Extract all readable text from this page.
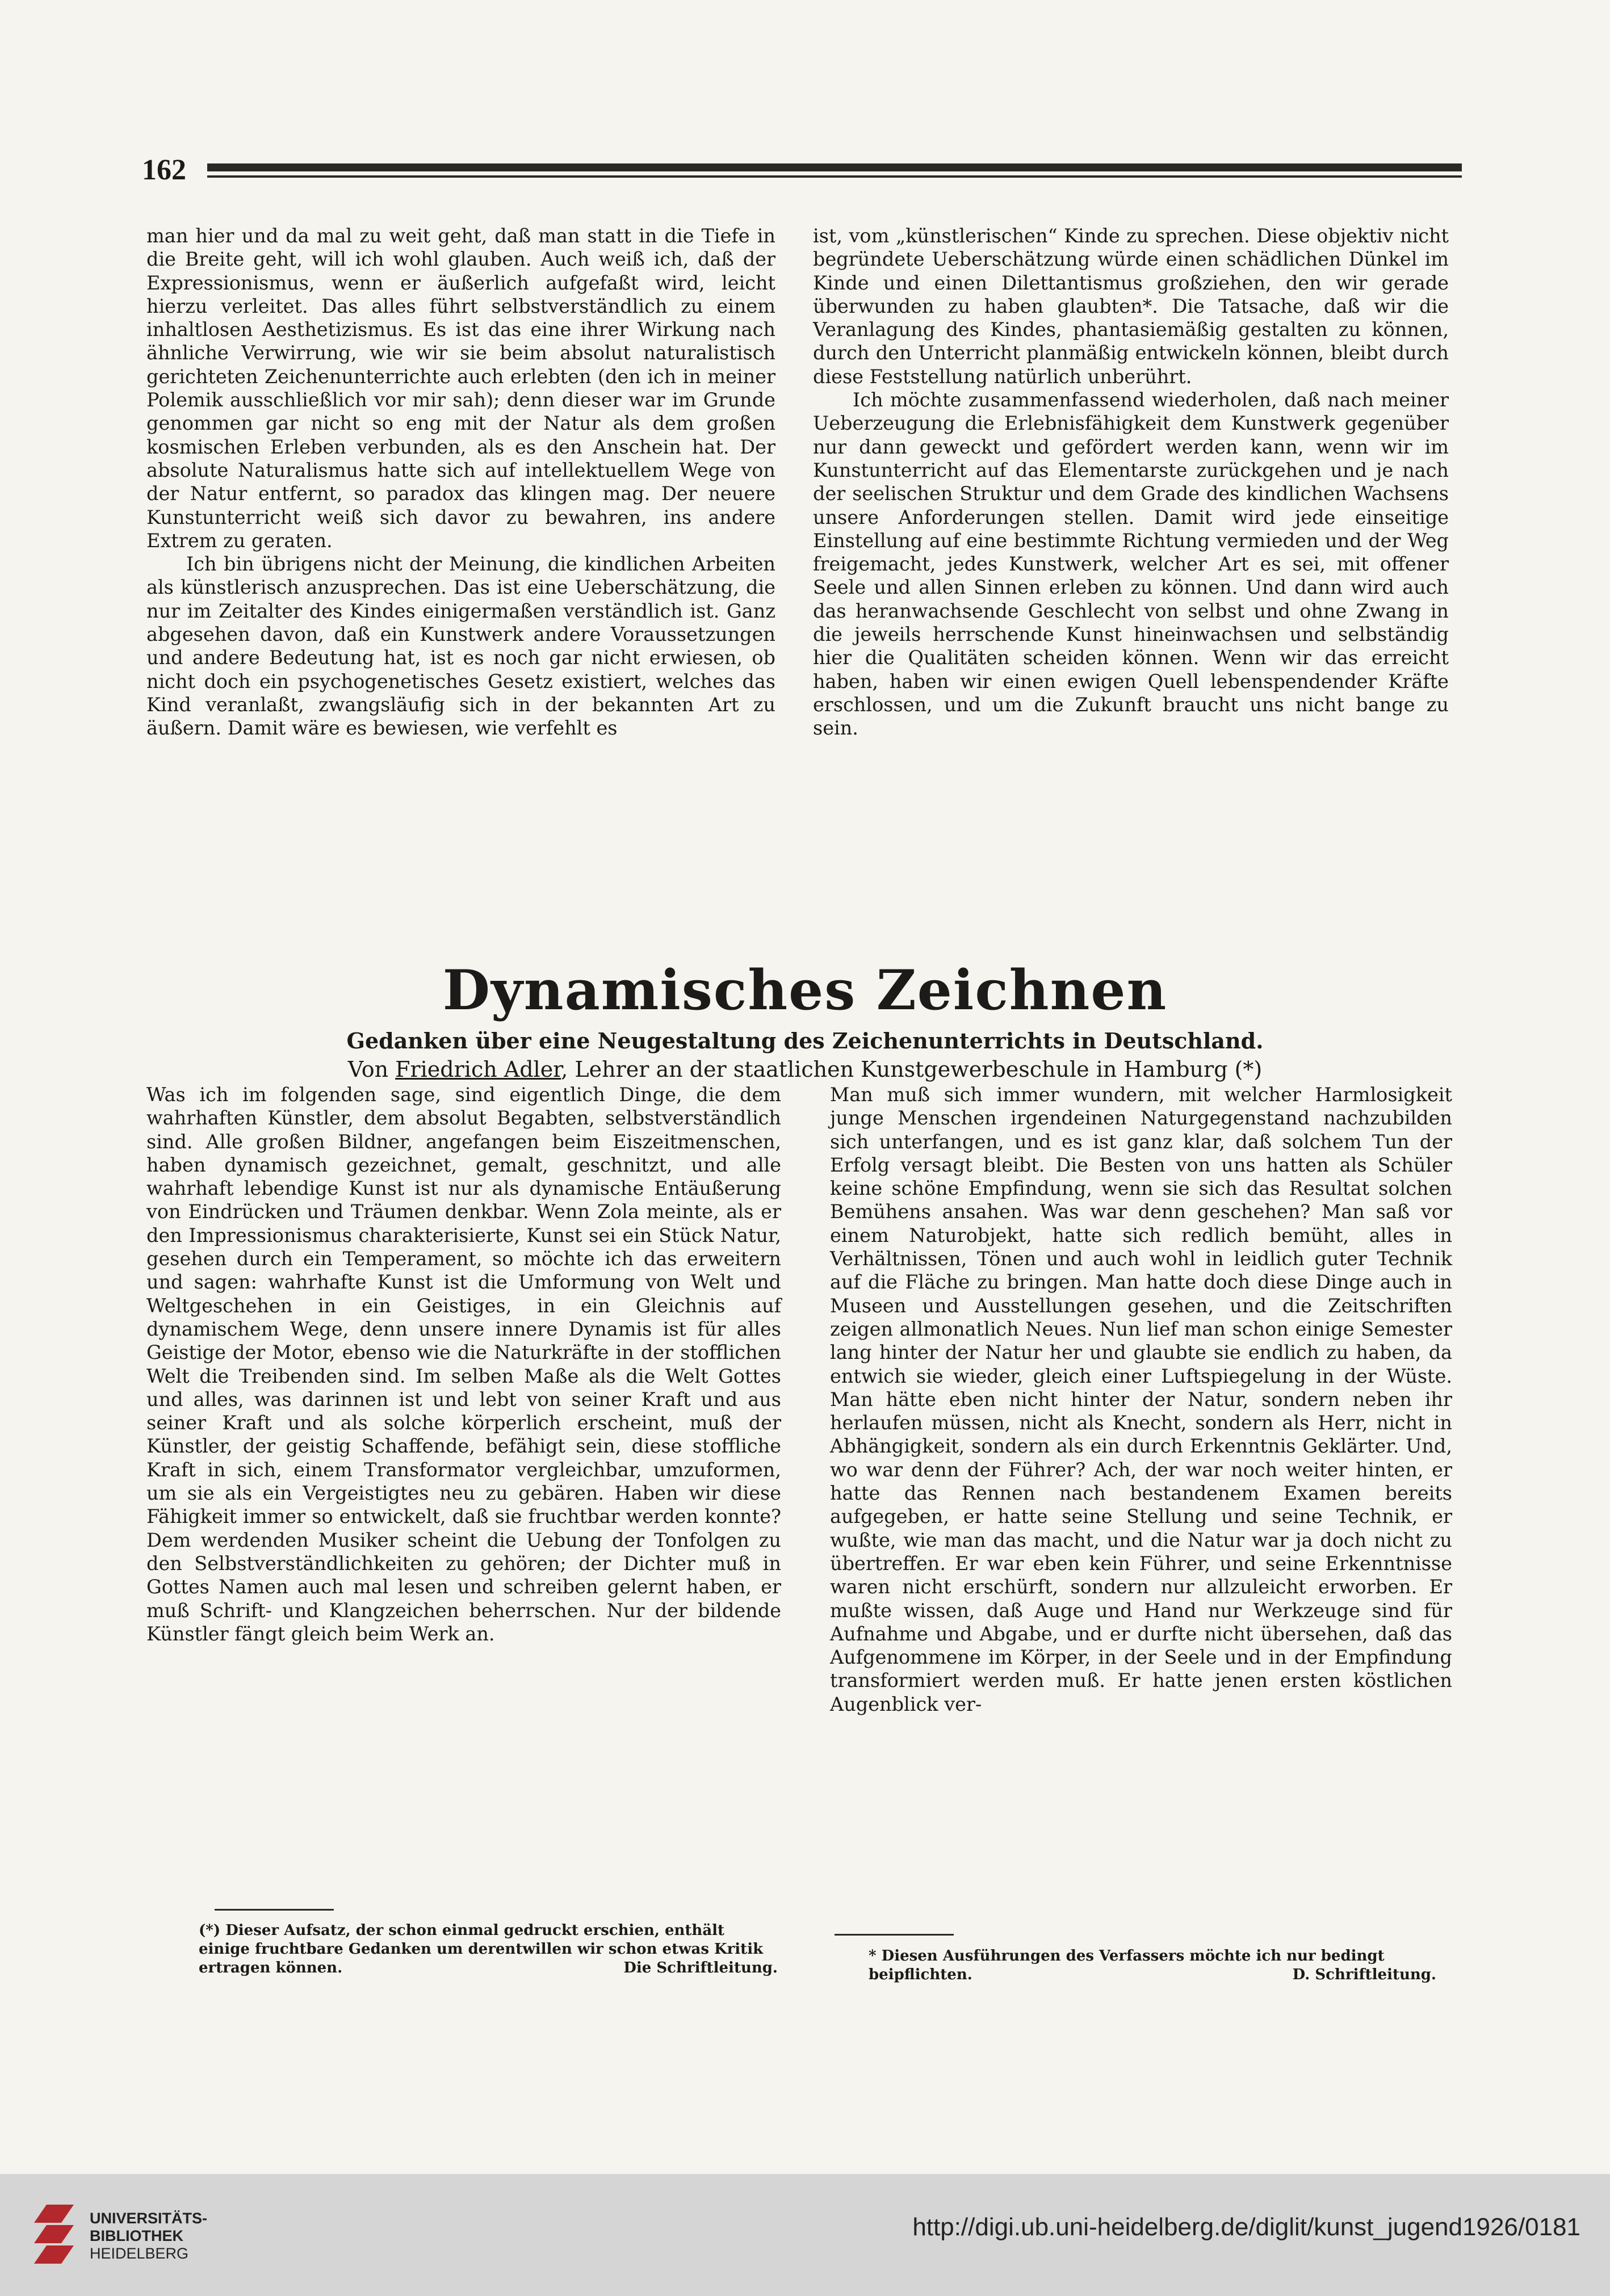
162

man hier und da mal zu weit geht, daß man statt in die Tiefe in die Breite geht, will ich wohl glauben. Auch weiß ich, daß der Expressionismus, wenn er äußerlich aufgefaßt wird, leicht hierzu verleitet. Das alles führt selbstverständlich zu einem inhaltlosen Aesthetizismus. Es ist das eine ihrer Wirkung nach ähnliche Verwirrung, wie wir sie beim absolut naturalistisch gerichteten Zeichenunterrichte auch erlebten (den ich in meiner Polemik ausschließlich vor mir sah); denn dieser war im Grunde genommen gar nicht so eng mit der Natur als dem großen kosmischen Erleben verbunden, als es den Anschein hat. Der absolute Naturalismus hatte sich auf intellektuellem Wege von der Natur entfernt, so paradox das klingen mag. Der neuere Kunstunterricht weiß sich davor zu bewahren, ins andere Extrem zu geraten.

Ich bin übrigens nicht der Meinung, die kindlichen Arbeiten als künstlerisch anzusprechen. Das ist eine Ueberschätzung, die nur im Zeitalter des Kindes einigermaßen verständlich ist. Ganz abgesehen davon, daß ein Kunstwerk andere Voraussetzungen und andere Bedeutung hat, ist es noch gar nicht erwiesen, ob nicht doch ein psychogenetisches Gesetz existiert, welches das Kind veranlaßt, zwangsläufig sich in der bekannten Art zu äußern. Damit wäre es bewiesen, wie verfehlt es

ist, vom „künstlerischen“ Kinde zu sprechen. Diese objektiv nicht begründete Ueberschätzung würde einen schädlichen Dünkel im Kinde und einen Dilettantismus großziehen, den wir gerade überwunden zu haben glaubten*. Die Tatsache, daß wir die Veranlagung des Kindes, phantasiemäßig gestalten zu können, durch den Unterricht planmäßig entwickeln können, bleibt durch diese Feststellung natürlich unberührt.

Ich möchte zusammenfassend wiederholen, daß nach meiner Ueberzeugung die Erlebnisfähigkeit dem Kunstwerk gegenüber nur dann geweckt und gefördert werden kann, wenn wir im Kunstunterricht auf das Elementarste zurückgehen und je nach der seelischen Struktur und dem Grade des kindlichen Wachsens unsere Anforderungen stellen. Damit wird jede einseitige Einstellung auf eine bestimmte Richtung vermieden und der Weg freigemacht, jedes Kunstwerk, welcher Art es sei, mit offener Seele und allen Sinnen erleben zu können. Und dann wird auch das heranwachsende Geschlecht von selbst und ohne Zwang in die jeweils herrschende Kunst hineinwachsen und selbständig hier die Qualitäten scheiden können. Wenn wir das erreicht haben, haben wir einen ewigen Quell lebenspendender Kräfte erschlossen, und um die Zukunft braucht uns nicht bange zu sein.

Dynamisches Zeichnen
Gedanken über eine Neugestaltung des Zeichenunterrichts in Deutschland.
Von Friedrich Adler, Lehrer an der staatlichen Kunstgewerbeschule in Hamburg (*)

Was ich im folgenden sage, sind eigentlich Dinge, die dem wahrhaften Künstler, dem absolut Begabten, selbstverständlich sind. Alle großen Bildner, angefangen beim Eiszeitmenschen, haben dynamisch gezeichnet, gemalt, geschnitzt, und alle wahrhaft lebendige Kunst ist nur als dynamische Entäußerung von Eindrücken und Träumen denkbar. Wenn Zola meinte, als er den Impressionismus charakterisierte, Kunst sei ein Stück Natur, gesehen durch ein Temperament, so möchte ich das erweitern und sagen: wahrhafte Kunst ist die Umformung von Welt und Weltgeschehen in ein Geistiges, in ein Gleichnis auf dynamischem Wege, denn unsere innere Dynamis ist für alles Geistige der Motor, ebenso wie die Naturkräfte in der stofflichen Welt die Treibenden sind. Im selben Maße als die Welt Gottes und alles, was darinnen ist und lebt von seiner Kraft und aus seiner Kraft und als solche körperlich erscheint, muß der Künstler, der geistig Schaffende, befähigt sein, diese stoffliche Kraft in sich, einem Transformator vergleichbar, umzuformen, um sie als ein Vergeistigtes neu zu gebären. Haben wir diese Fähigkeit immer so entwickelt, daß sie fruchtbar werden konnte? Dem werdenden Musiker scheint die Uebung der Tonfolgen zu den Selbstverständlichkeiten zu gehören; der Dichter muß in Gottes Namen auch mal lesen und schreiben gelernt haben, er muß Schrift- und Klangzeichen beherrschen. Nur der bildende Künstler fängt gleich beim Werk an.

Man muß sich immer wundern, mit welcher Harmlosigkeit junge Menschen irgendeinen Naturgegenstand nachzubilden sich unterfangen, und es ist ganz klar, daß solchem Tun der Erfolg versagt bleibt. Die Besten von uns hatten als Schüler keine schöne Empfindung, wenn sie sich das Resultat solchen Bemühens ansahen. Was war denn geschehen? Man saß vor einem Naturobjekt, hatte sich redlich bemüht, alles in Verhältnissen, Tönen und auch wohl in leidlich guter Technik auf die Fläche zu bringen. Man hatte doch diese Dinge auch in Museen und Ausstellungen gesehen, und die Zeitschriften zeigen allmonatlich Neues. Nun lief man schon einige Semester lang hinter der Natur her und glaubte sie endlich zu haben, da entwich sie wieder, gleich einer Luftspiegelung in der Wüste. Man hätte eben nicht hinter der Natur, sondern neben ihr herlaufen müssen, nicht als Knecht, sondern als Herr, nicht in Abhängigkeit, sondern als ein durch Erkenntnis Geklärter. Und, wo war denn der Führer? Ach, der war noch weiter hinten, er hatte das Rennen nach bestandenem Examen bereits aufgegeben, er hatte seine Stellung und seine Technik, er wußte, wie man das macht, und die Natur war ja doch nicht zu übertreffen. Er war eben kein Führer, und seine Erkenntnisse waren nicht erschürft, sondern nur allzuleicht erworben. Er mußte wissen, daß Auge und Hand nur Werkzeuge sind für Aufnahme und Abgabe, und er durfte nicht übersehen, daß das Aufgenommene im Körper, in der Seele und in der Empfindung transformiert werden muß. Er hatte jenen ersten köstlichen Augenblick ver-

(*) Dieser Aufsatz, der schon einmal gedruckt erschien, enthält einige fruchtbare Gedanken um derentwillen wir schon etwas Kritik ertragen können.	Die Schriftleitung.
* Diesen Ausführungen des Verfassers möchte ich nur bedingt beipflichten.	D. Schriftleitung.
UNIVERSITÄTS-
BIBLIOTHEK
HEIDELBERG
http://digi.ub.uni-heidelberg.de/diglit/kunst_jugend1926/0181
